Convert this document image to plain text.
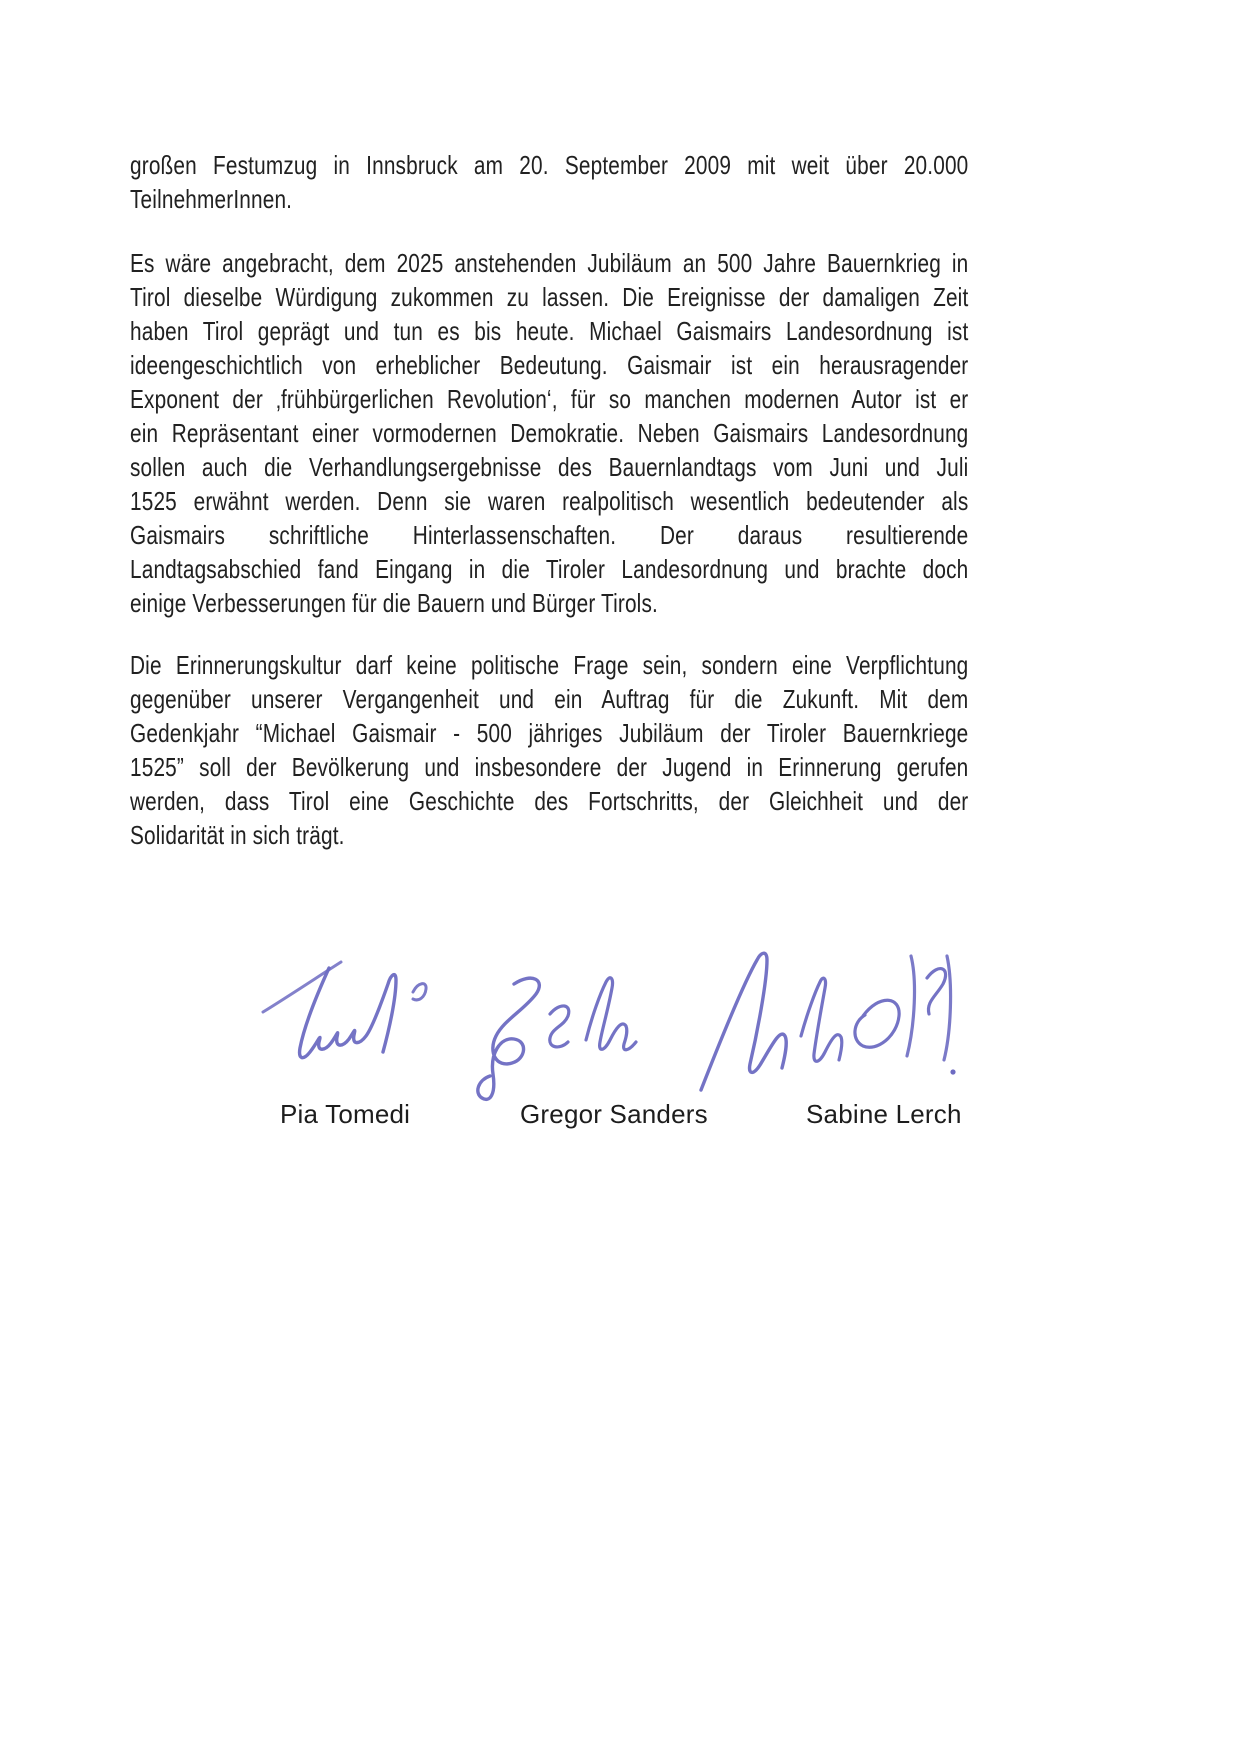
großen Festumzug in Innsbruck am 20. September 2009 mit weit über 20.000
TeilnehmerInnen.
Es wäre angebracht, dem 2025 anstehenden Jubiläum an 500 Jahre Bauernkrieg in
Tirol dieselbe Würdigung zukommen zu lassen. Die Ereignisse der damaligen Zeit
haben Tirol geprägt und tun es bis heute. Michael Gaismairs Landesordnung ist
ideengeschichtlich von erheblicher Bedeutung. Gaismair ist ein herausragender
Exponent der ‚frühbürgerlichen Revolution‘, für so manchen modernen Autor ist er
ein Repräsentant einer vormodernen Demokratie. Neben Gaismairs Landesordnung
sollen auch die Verhandlungsergebnisse des Bauernlandtags vom Juni und Juli
1525 erwähnt werden. Denn sie waren realpolitisch wesentlich bedeutender als
Gaismairs schriftliche Hinterlassenschaften. Der daraus resultierende
Landtagsabschied fand Eingang in die Tiroler Landesordnung und brachte doch
einige Verbesserungen für die Bauern und Bürger Tirols.
Die Erinnerungskultur darf keine politische Frage sein, sondern eine Verpflichtung
gegenüber unserer Vergangenheit und ein Auftrag für die Zukunft. Mit dem
Gedenkjahr “Michael Gaismair - 500 jähriges Jubiläum der Tiroler Bauernkriege
1525” soll der Bevölkerung und insbesondere der Jugend in Erinnerung gerufen
werden, dass Tirol eine Geschichte des Fortschritts, der Gleichheit und der
Solidarität in sich trägt.
Pia Tomedi	Gregor Sanders	Sabine Lerch
